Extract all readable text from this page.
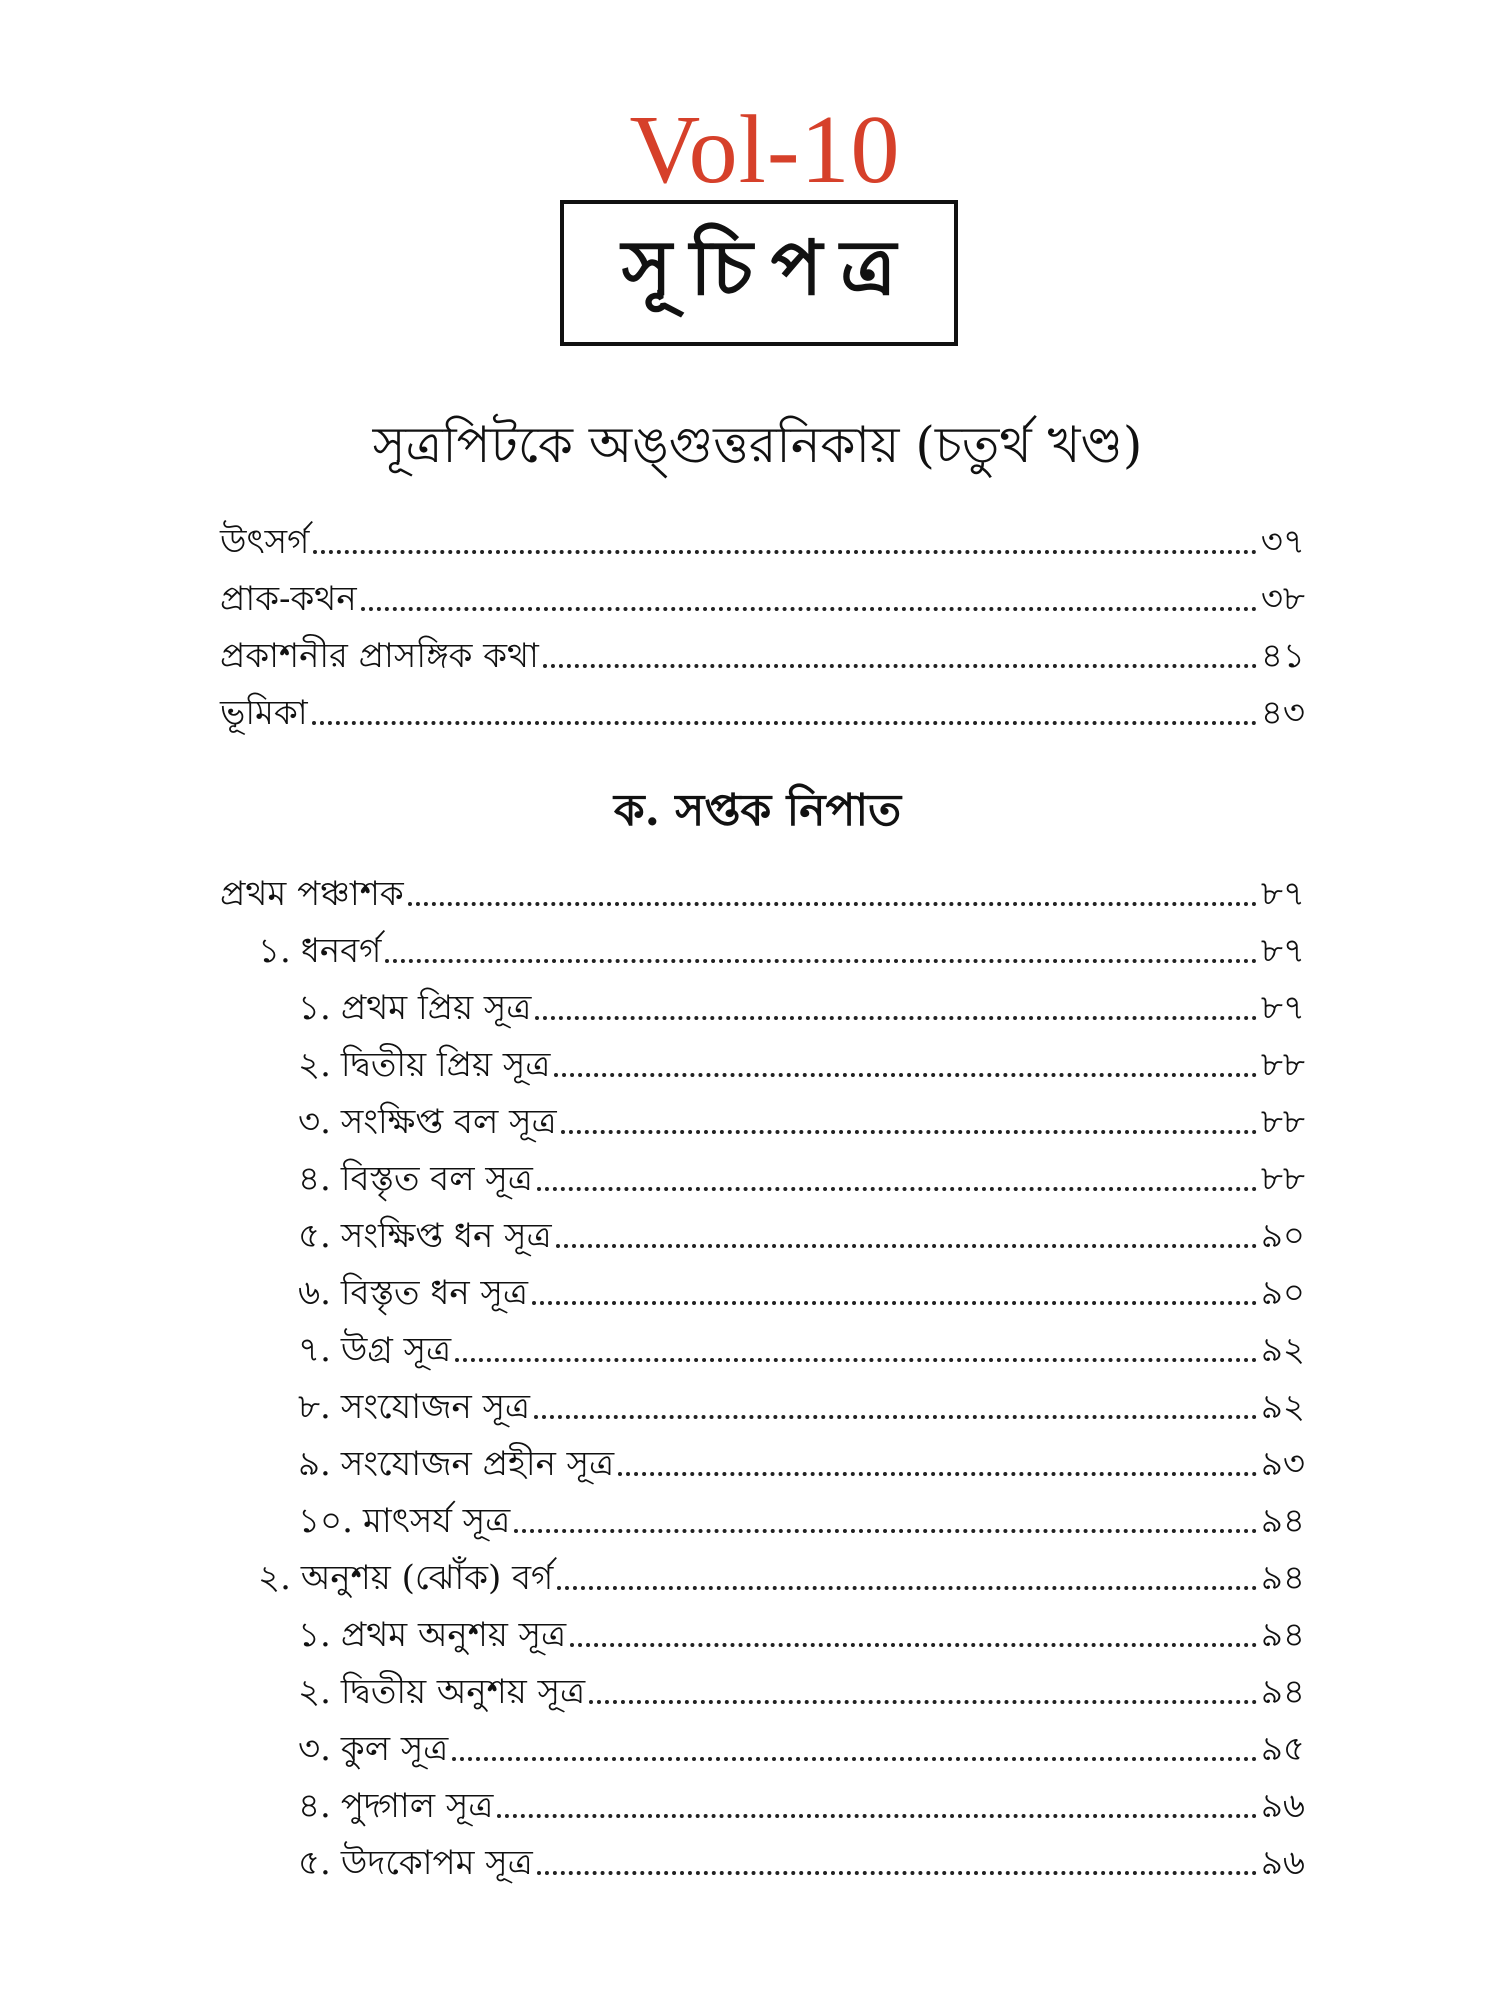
Vol-10
সূচিপত্র
সূত্রপিটকে অঙ্গুত্তরনিকায় (চতুর্থ খণ্ড)
উৎসর্গ	৩৭
প্রাক-কথন	৩৮
প্রকাশনীর প্রাসঙ্গিক কথা	৪১
ভূমিকা	৪৩
ক. সপ্তক নিপাত
প্রথম পঞ্চাশক	৮৭
১. ধনবর্গ	৮৭
১. প্রথম প্রিয় সূত্র	৮৭
২. দ্বিতীয় প্রিয় সূত্র	৮৮
৩. সংক্ষিপ্ত বল সূত্র	৮৮
৪. বিস্তৃত বল সূত্র	৮৮
৫. সংক্ষিপ্ত ধন সূত্র	৯০
৬. বিস্তৃত ধন সূত্র	৯০
৭. উগ্র সূত্র	৯২
৮. সংযোজন সূত্র	৯২
৯. সংযোজন প্রহীন সূত্র	৯৩
১০. মাৎসর্য সূত্র	৯৪
২. অনুশয় (ঝোঁক) বর্গ	৯৪
১. প্রথম অনুশয় সূত্র	৯৪
২. দ্বিতীয় অনুশয় সূত্র	৯৪
৩. কুল সূত্র	৯৫
৪. পুদ্গাল সূত্র	৯৬
৫. উদকোপম সূত্র	৯৬
